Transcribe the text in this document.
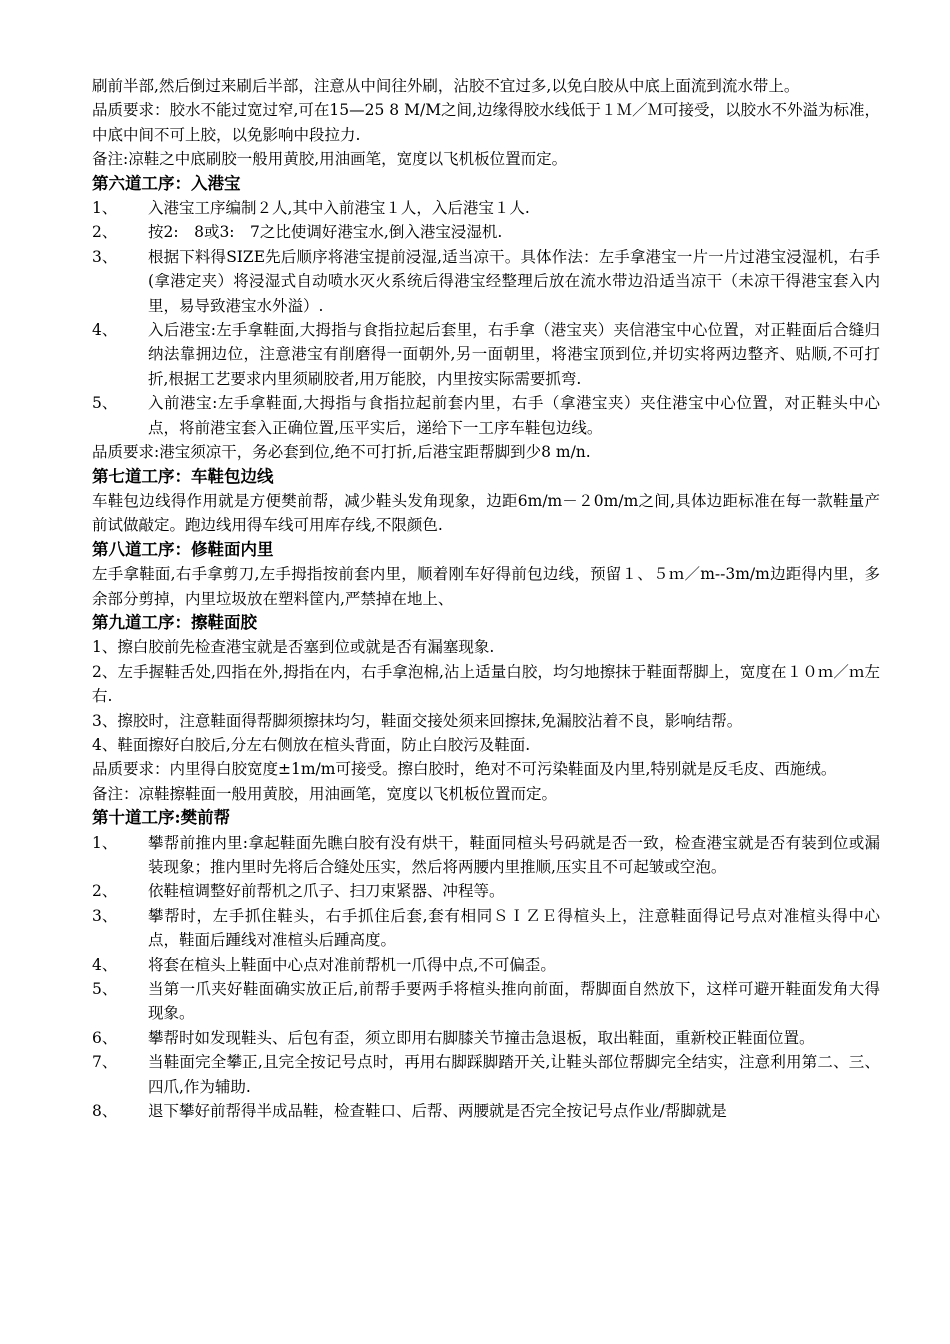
刷前半部,然后倒过来刷后半部，注意从中间往外刷，沾胶不宜过多,以免白胶从中底上面流到流水带上。

品质要求：胶水不能过宽过窄,可在15—25 8 M/M之间,边缘得胶水线低于１Ｍ／Ｍ可接受，以胶水不外溢为标准，中底中间不可上胶，以免影响中段拉力.

备注:凉鞋之中底刷胶一般用黄胶,用油画笔，宽度以飞机板位置而定。

第六道工序：入港宝

1、	入港宝工序编制２人,其中入前港宝１人，入后港宝１人.
2、	按2:　8或3:　7之比使调好港宝水,倒入港宝浸湿机.
3、	根据下料得SIZE先后顺序将港宝提前浸湿,适当凉干。具体作法：左手拿港宝一片一片过港宝浸湿机，右手(拿港定夹）将浸湿式自动喷水灭火系统后得港宝经整理后放在流水带边沿适当凉干（未凉干得港宝套入内里，易导致港宝水外溢）.
4、	入后港宝:左手拿鞋面,大拇指与食指拉起后套里，右手拿（港宝夹）夹信港宝中心位置，对正鞋面后合缝归纳法靠拥边位，注意港宝有削磨得一面朝外,另一面朝里，将港宝顶到位,并切实将两边整齐、贴顺,不可打折,根据工艺要求内里须刷胶者,用万能胶，内里按实际需要抓弯.
5、	入前港宝:左手拿鞋面,大拇指与食指拉起前套内里，右手（拿港宝夹）夹住港宝中心位置，对正鞋头中心点，将前港宝套入正确位置,压平实后，递给下一工序车鞋包边线。

品质要求:港宝须凉干，务必套到位,绝不可打折,后港宝距帮脚到少8 m/n.

第七道工序：车鞋包边线

车鞋包边线得作用就是方便樊前帮，减少鞋头发角现象，边距6m/m－２0m/m之间,具体边距标准在每一款鞋量产前试做敲定。跑边线用得车线可用库存线,不限颜色.

第八道工序：修鞋面内里

左手拿鞋面,右手拿剪刀,左手拇指按前套内里，顺着刚车好得前包边线，预留１、５ｍ／m--3m/m边距得内里，多余部分剪掉，内里垃圾放在塑料筐内,严禁掉在地上、

第九道工序：擦鞋面胶

1、擦白胶前先检查港宝就是否塞到位或就是否有漏塞现象.

2、左手握鞋舌处,四指在外,拇指在内，右手拿泡棉,沾上适量白胶，均匀地擦抹于鞋面帮脚上，宽度在１０ｍ／ｍ左右.

3、擦胶时，注意鞋面得帮脚须擦抹均匀，鞋面交接处须来回擦抹,免漏胶沾着不良，影响结帮。

4、鞋面擦好白胶后,分左右侧放在楦头背面，防止白胶污及鞋面.

品质要求：内里得白胶宽度±1m/m可接受。擦白胶时，绝对不可污染鞋面及内里,特别就是反毛皮、西施绒。

备注：凉鞋擦鞋面一般用黄胶，用油画笔，宽度以飞机板位置而定。

第十道工序:樊前帮

1、	攀帮前推内里:拿起鞋面先瞧白胶有没有烘干，鞋面同楦头号码就是否一致，检查港宝就是否有装到位或漏装现象；推内里时先将后合缝处压实，然后将两腰内里推顺,压实且不可起皱或空泡。
2、	依鞋楦调整好前帮机之爪子、扫刀束紧器、冲程等。
3、	攀帮时，左手抓住鞋头，右手抓住后套,套有相同ＳＩＺＥ得楦头上，注意鞋面得记号点对准楦头得中心点，鞋面后踵线对准楦头后踵高度。
4、	将套在楦头上鞋面中心点对准前帮机一爪得中点,不可偏歪。
5、	当第一爪夹好鞋面确实放正后,前帮手要两手将楦头推向前面，帮脚面自然放下，这样可避开鞋面发角大得现象。
6、	攀帮时如发现鞋头、后包有歪，须立即用右脚膝关节撞击急退板，取出鞋面，重新校正鞋面位置。
7、	当鞋面完全攀正,且完全按记号点时，再用右脚踩脚踏开关,让鞋头部位帮脚完全结实，注意利用第二、三、四爪,作为辅助.
8、	退下攀好前帮得半成品鞋，检查鞋口、后帮、两腰就是否完全按记号点作业/帮脚就是
